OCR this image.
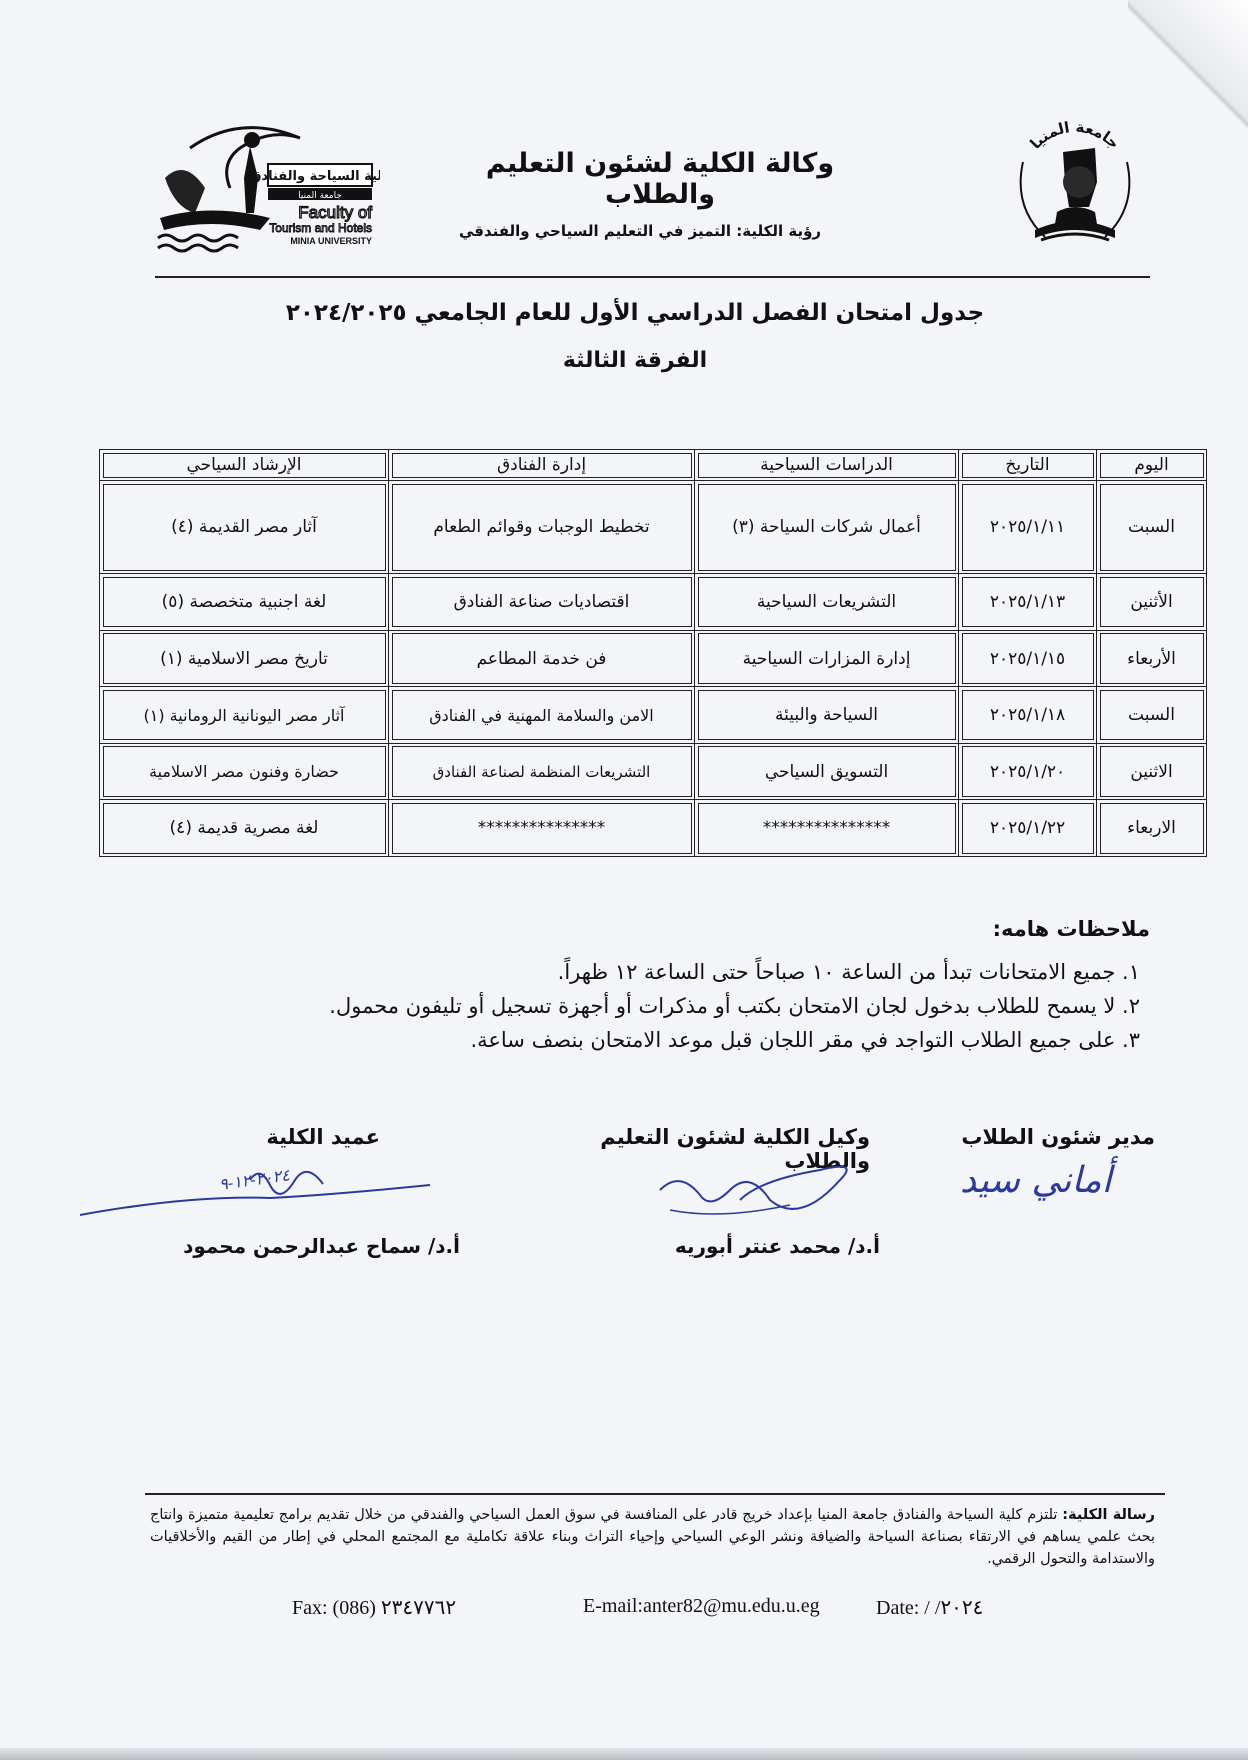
جامعة المنيا
كلية السياحة والفنادق
جامعة المنيا
Faculty of
Tourism and Hotels
MINIA UNIVERSITY
وكالة الكلية لشئون التعليم والطلاب
رؤية الكلية: التميز في التعليم السياحي والفندقي
جدول امتحان الفصل الدراسي الأول للعام الجامعي ٢٠٢٤/٢٠٢٥
الفرقة الثالثة
اليوم	التاريخ	الدراسات السياحية	إدارة الفنادق	الإرشاد السياحي
السبت	٢٠٢٥/١/١١	أعمال شركات السياحة (٣)	تخطيط الوجبات وقوائم الطعام	آثار مصر القديمة (٤)
الأثنين	٢٠٢٥/١/١٣	التشريعات السياحية	اقتصاديات صناعة الفنادق	لغة اجنبية متخصصة (٥)
الأربعاء	٢٠٢٥/١/١٥	إدارة المزارات السياحية	فن خدمة المطاعم	تاريخ مصر الاسلامية (١)
السبت	٢٠٢٥/١/١٨	السياحة والبيئة	الامن والسلامة المهنية في الفنادق	آثار مصر اليونانية الرومانية (١)
الاثنين	٢٠٢٥/١/٢٠	التسويق السياحي	التشريعات المنظمة لصناعة الفنادق	حضارة وفنون مصر الاسلامية
الاربعاء	٢٠٢٥/١/٢٢	***************	***************	لغة مصرية قديمة (٤)
ملاحظات هامه:
١. جميع الامتحانات تبدأ من الساعة ١٠ صباحاً حتى الساعة ١٢ ظهراً.
٢. لا يسمح للطلاب بدخول لجان الامتحان بكتب أو مذكرات أو أجهزة تسجيل أو تليفون محمول.
٣. على جميع الطلاب التواجد في مقر اللجان قبل موعد الامتحان بنصف ساعة.
مدير شئون الطلاب
وكيل الكلية لشئون التعليم والطلاب
عميد الكلية
أماني سيد
٢٠٢٤-١٢-٩
أ.د/ محمد عنتر أبوريه
أ.د/ سماح عبدالرحمن محمود
رسالة الكلية: تلتزم كلية السياحة والفنادق جامعة المنيا بإعداد خريج قادر على المنافسة في سوق العمل السياحي والفندقي من خلال تقديم برامج تعليمية متميزة وانتاج بحث علمي يساهم في الارتقاء بصناعة السياحة والضيافة ونشر الوعي السياحي وإحياء التراث وبناء علاقة تكاملية مع المجتمع المحلي في إطار من القيم والأخلاقيات والاستدامة والتحول الرقمي.
Fax: (086) ٢٣٤٧٧٦٢	E-mail:anter82@mu.edu.u.eg	Date: / /٢٠٢٤
